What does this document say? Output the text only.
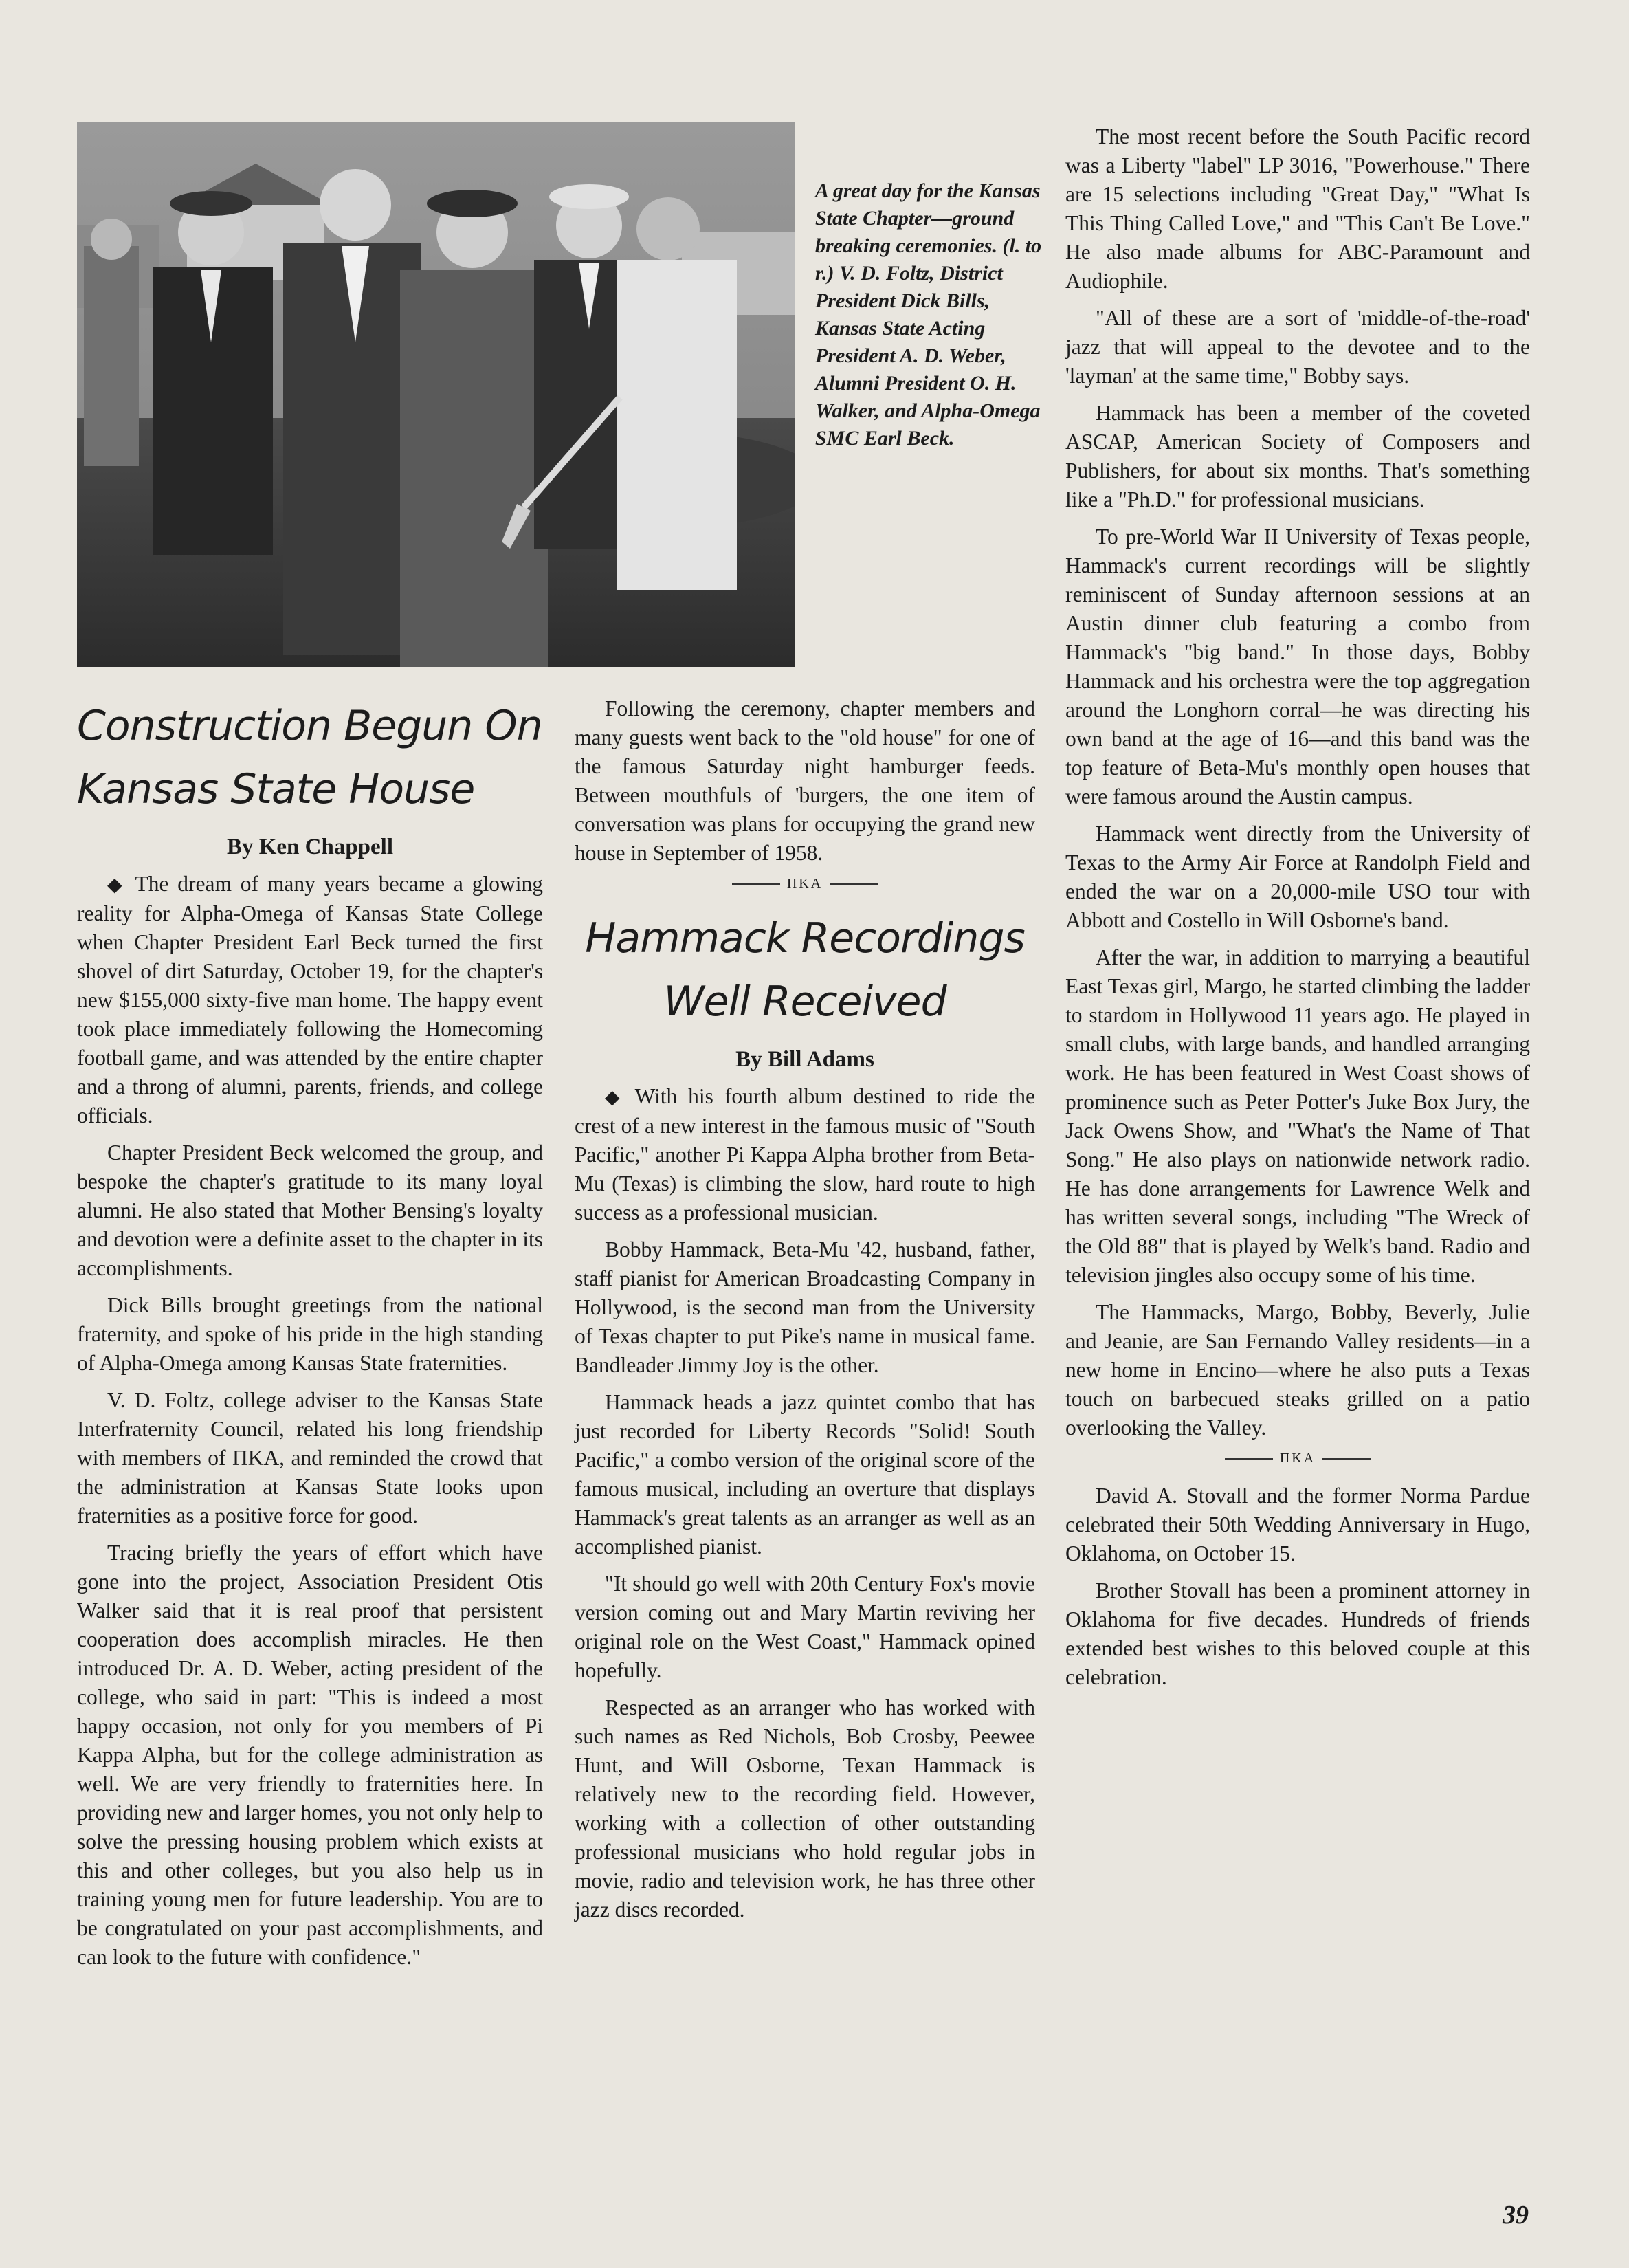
A great day for the Kansas State Chapter—ground breaking ceremonies. (l. to r.) V. D. Foltz, District President Dick Bills, Kansas State Acting President A. D. Weber, Alumni President O. H. Walker, and Alpha-Omega SMC Earl Beck.
Construction Begun On Kansas State House
By Ken Chappell

◆ The dream of many years became a glowing reality for Alpha-Omega of Kansas State College when Chapter President Earl Beck turned the first shovel of dirt Saturday, October 19, for the chapter's new $155,000 sixty-five man home. The happy event took place immediately following the Homecoming football game, and was attended by the entire chapter and a throng of alumni, parents, friends, and college officials.

Chapter President Beck welcomed the group, and bespoke the chapter's gratitude to its many loyal alumni. He also stated that Mother Bensing's loyalty and devotion were a definite asset to the chapter in its accomplishments.

Dick Bills brought greetings from the national fraternity, and spoke of his pride in the high standing of Alpha-Omega among Kansas State fraternities.

V. D. Foltz, college adviser to the Kansas State Interfraternity Council, related his long friendship with members of ΠΚΑ, and reminded the crowd that the administration at Kansas State looks upon fraternities as a positive force for good.

Tracing briefly the years of effort which have gone into the project, Association President Otis Walker said that it is real proof that persistent cooperation does accomplish miracles. He then introduced Dr. A. D. Weber, acting president of the college, who said in part: "This is indeed a most happy occasion, not only for you members of Pi Kappa Alpha, but for the college administration as well. We are very friendly to fraternities here. In providing new and larger homes, you not only help to solve the pressing housing problem which exists at this and other colleges, but you also help us in training young men for future leadership. You are to be congratulated on your past accomplishments, and can look to the future with confidence."

Following the ceremony, chapter members and many guests went back to the "old house" for one of the famous Saturday night hamburger feeds. Between mouthfuls of 'burgers, the one item of conversation was plans for occupying the grand new house in September of 1958.

ΠΚΑ
Hammack Recordings Well Received
By Bill Adams

◆ With his fourth album destined to ride the crest of a new interest in the famous music of "South Pacific," another Pi Kappa Alpha brother from Beta-Mu (Texas) is climbing the slow, hard route to high success as a professional musician.

Bobby Hammack, Beta-Mu '42, husband, father, staff pianist for American Broadcasting Company in Hollywood, is the second man from the University of Texas chapter to put Pike's name in musical fame. Bandleader Jimmy Joy is the other.

Hammack heads a jazz quintet combo that has just recorded for Liberty Records "Solid! South Pacific," a combo version of the original score of the famous musical, including an overture that displays Hammack's great talents as an arranger as well as an accomplished pianist.

"It should go well with 20th Century Fox's movie version coming out and Mary Martin reviving her original role on the West Coast," Hammack opined hopefully.

Respected as an arranger who has worked with such names as Red Nichols, Bob Crosby, Peewee Hunt, and Will Osborne, Texan Hammack is relatively new to the recording field. However, working with a collection of other outstanding professional musicians who hold regular jobs in movie, radio and television work, he has three other jazz discs recorded.

The most recent before the South Pacific record was a Liberty "label" LP 3016, "Powerhouse." There are 15 selections including "Great Day," "What Is This Thing Called Love," and "This Can't Be Love." He also made albums for ABC-Paramount and Audiophile.

"All of these are a sort of 'middle-of-the-road' jazz that will appeal to the devotee and to the 'layman' at the same time," Bobby says.

Hammack has been a member of the coveted ASCAP, American Society of Composers and Publishers, for about six months. That's something like a "Ph.D." for professional musicians.

To pre-World War II University of Texas people, Hammack's current recordings will be slightly reminiscent of Sunday afternoon sessions at an Austin dinner club featuring a combo from Hammack's "big band." In those days, Bobby Hammack and his orchestra were the top aggregation around the Longhorn corral—he was directing his own band at the age of 16—and this band was the top feature of Beta-Mu's monthly open houses that were famous around the Austin campus.

Hammack went directly from the University of Texas to the Army Air Force at Randolph Field and ended the war on a 20,000-mile USO tour with Abbott and Costello in Will Osborne's band.

After the war, in addition to marrying a beautiful East Texas girl, Margo, he started climbing the ladder to stardom in Hollywood 11 years ago. He played in small clubs, with large bands, and handled arranging work. He has been featured in West Coast shows of prominence such as Peter Potter's Juke Box Jury, the Jack Owens Show, and "What's the Name of That Song." He also plays on nationwide network radio. He has done arrangements for Lawrence Welk and has written several songs, including "The Wreck of the Old 88" that is played by Welk's band. Radio and television jingles also occupy some of his time.

The Hammacks, Margo, Bobby, Beverly, Julie and Jeanie, are San Fernando Valley residents—in a new home in Encino—where he also puts a Texas touch on barbecued steaks grilled on a patio overlooking the Valley.

ΠΚΑ

David A. Stovall and the former Norma Pardue celebrated their 50th Wedding Anniversary in Hugo, Oklahoma, on October 15.

Brother Stovall has been a prominent attorney in Oklahoma for five decades. Hundreds of friends extended best wishes to this beloved couple at this celebration.

39
